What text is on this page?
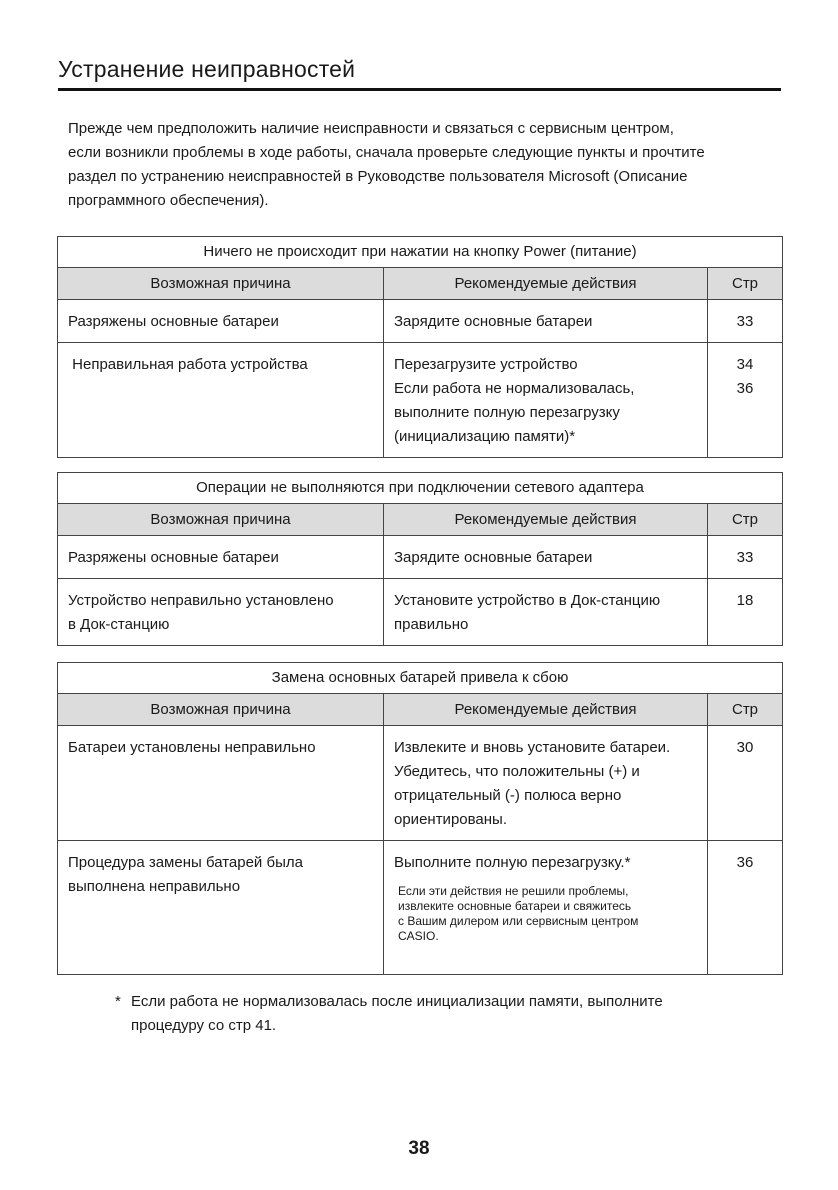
Устранение неиправностей
Прежде чем предположить наличие неисправности и связаться с сервисным центром,
если возникли проблемы в ходе работы, сначала проверьте следующие пункты и прочтите
раздел по устранению неисправностей в Руководстве пользователя Microsoft (Описание
программного обеспечения).
Ничего не происходит при нажатии на кнопку Power (питание)		
Возможная причина	Рекомендуемые действия	Стр

Разряжены основные батареи	Зарядите основные батареи	33

Неправильная работа устройства	Перезагрузите устройство
Если работа не нормализовалась,
выполните полную перезагрузку
(инициализацию памяти)*	34
36
Операции не выполняются при подключении сетевого адаптера		
Возможная причина	Рекомендуемые действия	Стр

Разряжены основные батареи	Зарядите основные батареи	33

Устройство неправильно установлено
в Док-станцию	Установите устройство в Док-станцию
правильно	18
Замена основных батарей привела к сбою		
Возможная причина	Рекомендуемые действия	Стр

Батареи установлены неправильно	Извлеките и вновь установите батареи.
Убедитесь, что положительны (+) и
отрицательный (-) полюса верно
ориентированы.	30

Процедура замены батарей была
выполнена неправильно	Выполните полную перезагрузку.*
Если эти действия не решили проблемы,
извлеките основные батареи и свяжитесь
с Вашим дилером или сервисным центром
CASIO.	36
* Если работа не нормализовалась после инициализации памяти, выполните
процедуру со стр 41.
38
